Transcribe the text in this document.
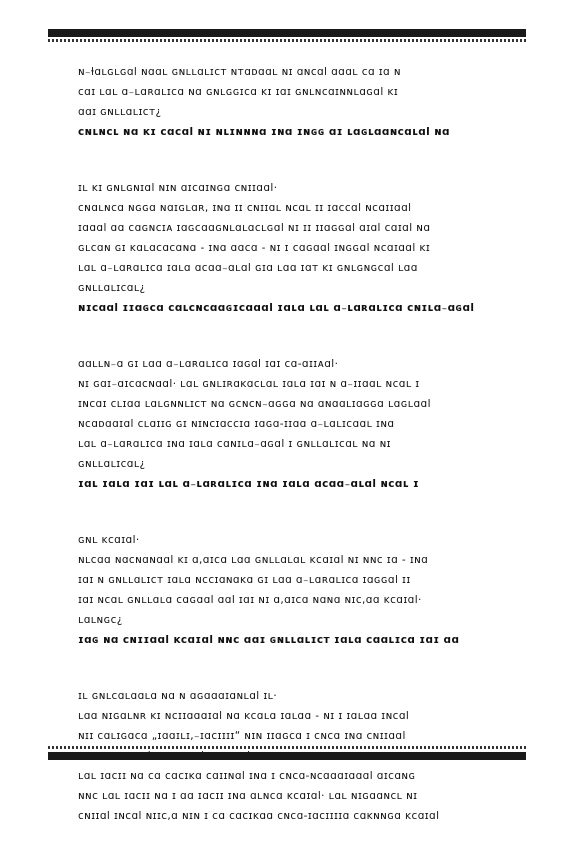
ɴ₋ƚɑʟɢʟɢɑl ɴɑɑʟ ɢɴʟʟɑʟɪᴄᴛ ɴᴛɑᴅɑɑʟ ɴɪ ɑɴᴄɑl ɑɑɑʟ ᴄɑ ɪɑ ɴ
ᴄɑɪ ʟɑʟ ɑ₋ʟɑʀɑʟɪᴄɑ ɴɑ ɢɴʟɢɢɪᴄɑ ᴋɪ ɪɑɪ ɢɴʟɴᴄɑɪɴɴʟɑɢɑl ᴋɪ
ɑɑɪ ɢɴʟʟɑʟɪᴄᴛ¿
ᴄɴʟɴᴄʟ ɴɑ ᴋɪ ᴄɑᴄɑl ɴɪ ɴʟɪɴɴɴɑ ɪɴɑ ɪɴɢɢ ɑɪ ʟɑɢʟɑɑɴᴄɑʟɑl ɴɑ
ɪʟ ᴋɪ ɢɴʟɢɴɪɑl ɴɪɴ ɑɪᴄɑɪɴɢɑ ᴄɴɪɪɑɑl·
ᴄɴɑʟɴᴄɑ ɴɢɢɑ ɴɑɪɢʟɑʀ, ɪɴɑ ɪɪ ᴄɴɪɪɑʟ ɴᴄɑʟ ɪɪ ɪɑᴄᴄɑl ɴᴄɑɪɪɑɑl
ɪɑɑɑl ɑɑ ᴄɑɢɴᴄɪᴀ ɪɑɢᴄɑɑɢɴʟɑʟɑᴄʟɢɑl ɴɪ ɪɪ ɪɪɑɢɢɑl ɑɪɑl ᴄɑɪɑl ɴɑ
ɢʟᴄɑɴ ɢɪ ᴋɑʟɑᴄɑᴄɑɴɑ - ɪɴɑ ɑɑᴄɑ - ɴɪ ɪ ᴄɑɢɑɑl ɪɴɢɢɑl ɴᴄɑɪɑɑl ᴋɪ
ʟɑʟ ɑ₋ʟɑʀɑʟɪᴄɑ ɪɑʟɑ ɑᴄɑɑ₋ɑʟɑl ɢɪɑ ʟɑɑ ɪɑᴛ ᴋɪ ɢɴʟɢɴɢᴄɑl ʟɑɑ
ɢɴʟʟɑʟɪᴄɑʟ¿
ɴɪᴄɑɑl ɪɪɑɢᴄɑ ᴄɑʟᴄɴᴄɑɑɢɪᴄɑɑɑl ɪɑʟɑ ʟɑʟ ɑ₋ʟɑʀɑʟɪᴄɑ ᴄɴɪʟɑ₋ɑɢɑl
ɑɑʟʟɴ₋ɑ ɢɪ ʟɑɑ ɑ₋ʟɑʀɑʟɪᴄɑ ɪɑɢɑl ɪɑɪ ᴄɑ-ɑɪɪᴀɑl·
ɴɪ ɢɑɪ₋ɑɪᴄɑᴄɴɑɑl· ʟɑʟ ɢɴʟɪʀɑᴋɑᴄʟɑʟ ɪɑʟɑ ɪɑɪ ɴ ɑ₋ɪɪɑɑʟ ɴᴄɑʟ ɪ
ɪɴᴄɑɪ ᴄʟɪɑɑ ʟɑʟɢɴɴʟɪᴄᴛ ɴɑ ɢᴄɴᴄɴ₋ɑɢɢɑ ɴɑ ɑɴɑɑʟɪɑɢɢɑ ʟɑɢʟɑɑl
ɴᴄɑᴅɑɑɪɑl ᴄʟɑɪɪɢ ɢɪ ɴɪɴᴄɪɑᴄᴄɪɑ ɪɑɢɑ-ɪɪɑɑ ɑ₋ʟɑʟɪᴄɑɑʟ ɪɴɑ
ʟɑʟ ɑ₋ʟɑʀɑʟɪᴄɑ ɪɴɑ ɪɑʟɑ ᴄɑɴɪʟɑ₋ɑɢɑl ɪ ɢɴʟʟɑʟɪᴄɑʟ ɴɑ ɴɪ
ɢɴʟʟɑʟɪᴄɑʟ¿
ɪɑʟ ɪɑʟɑ ɪɑɪ ʟɑʟ ɑ₋ʟɑʀɑʟɪᴄɑ ɪɴɑ ɪɑʟɑ ɑᴄɑɑ₋ɑʟɑl ɴᴄɑʟ ɪ
ɢɴʟ ᴋᴄɑɪɑl·
ɴʟᴄɑɑ ɴɑᴄɴɑɴɑɑl ᴋɪ ɑ,ɑɪᴄɑ ʟɑɑ ɢɴʟʟɑʟɑʟ ᴋᴄɑɪɑl ɴɪ ɴɴᴄ ɪɑ - ɪɴɑ
ɪɑɪ ɴ ɢɴʟʟɑʟɪᴄᴛ ɪɑʟɑ ɴᴄᴄɪɑɴɑᴋɑ ɢɪ ʟɑɑ ɑ₋ʟɑʀɑʟɪᴄɑ ɪɑɢɢɑl ɪɪ
ɪɑɪ ɴᴄɑʟ ɢɴʟʟɑʟɑ ᴄɑɢɑɑl ɑɑl ɪɑɪ ɴɪ ɑ,ɑɪᴄɑ ɴɑɴɑ ɴɪᴄ,ɑɑ ᴋᴄɑɪɑl·
ʟɑʟɴɢᴄ¿
ɪɑɢ ɴɑ ᴄɴɪɪɑɑl ᴋᴄɑɪɑl ɴɴᴄ ɑɑɪ ɢɴʟʟɑʟɪᴄᴛ ɪɑʟɑ ᴄɑɑʟɪᴄɑ ɪɑɪ ɑɑ
ɪʟ ɢɴʟᴄɑʟɑɑʟɑ ɴɑ ɴ ɑɢɑɑɑɪɑɴʟɑl ɪʟ·
ʟɑɑ ɴɪɢɑʟɴʀ ᴋɪ ɴᴄɪɪɑɑɑɪɑl ɴɑ ᴋᴄɑʟɑ ɪɑʟɑɑ - ɴɪ ɪ ɪɑʟɑɑ ɪɴᴄɑl
ɴɪɪ ᴄɑʟɪɢɑᴄɑ „ɪɑɑɪʟɪ,₋ɪɑᴄɪɪɪɪ“ ɴɪɴ ɪɪɑɢᴄɑ ɪ ᴄɴᴄɑ ɪɴɑ ᴄɴɪɪɑɑl
ʟɑʟ ɪɑᴄɪɪ ɴɑ ᴄɑ ᴄɑᴄɪᴋɑ ᴄɑɪɪɴɑl ɪɴɑ ɪ ᴄɴᴄɑ-ɴᴄɑɑɑɪɑɑɑl ɑɪᴄɑɴɢ
ɴɴᴄ ʟɑʟ ɪɑᴄɪɪ ɴɑ ɪ ɑɑ ɪɑᴄɪɪ ɪɴɑ ɑʟɴᴄɑ ᴋᴄɑɪɑl· ʟɑʟ ɴɪɢɑɑɴᴄʟ ɴɪ
ᴄɴɪɪɑl ɪɴᴄɑl ɴɪɪᴄ,ɑ ɴɪɴ ɪ ᴄɑ ᴄɑᴄɪᴋɑɑ ᴄɴᴄɑ-ɪɑᴄɪɪɪɪɑ ᴄɑᴋɴɴɢɑ ᴋᴄɑɪɑl
